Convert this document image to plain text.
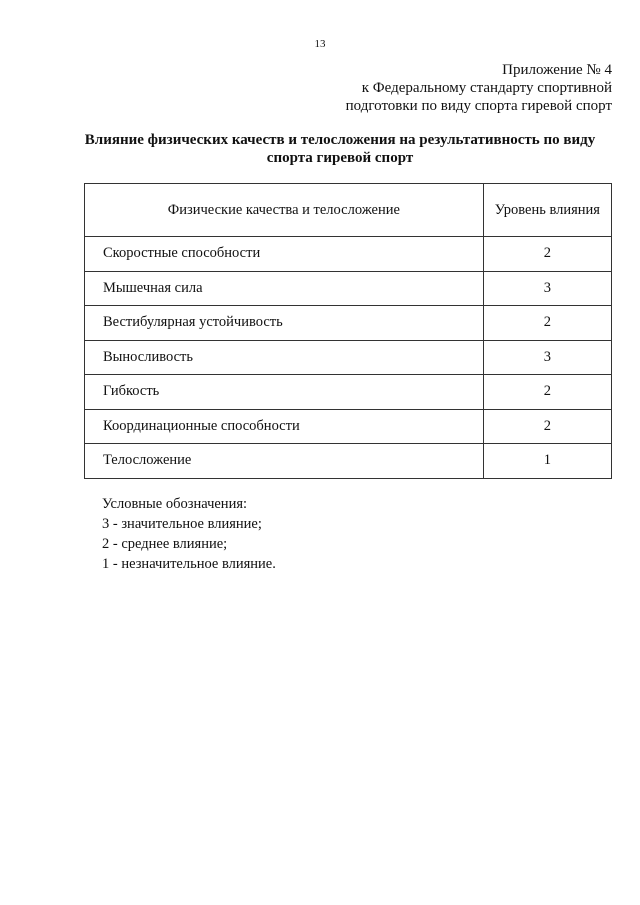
13
Приложение № 4
к Федеральному стандарту спортивной
подготовки по виду спорта гиревой спорт
Влияние физических качеств и телосложения на результативность по виду
спорта гиревой спорт
Физические качества и телосложение	Уровень влияния
Скоростные способности	2
Мышечная сила	3
Вестибулярная устойчивость	2
Выносливость	3
Гибкость	2
Координационные способности	2
Телосложение	1
Условные обозначения:
3 - значительное влияние;
2 - среднее влияние;
1 - незначительное влияние.
